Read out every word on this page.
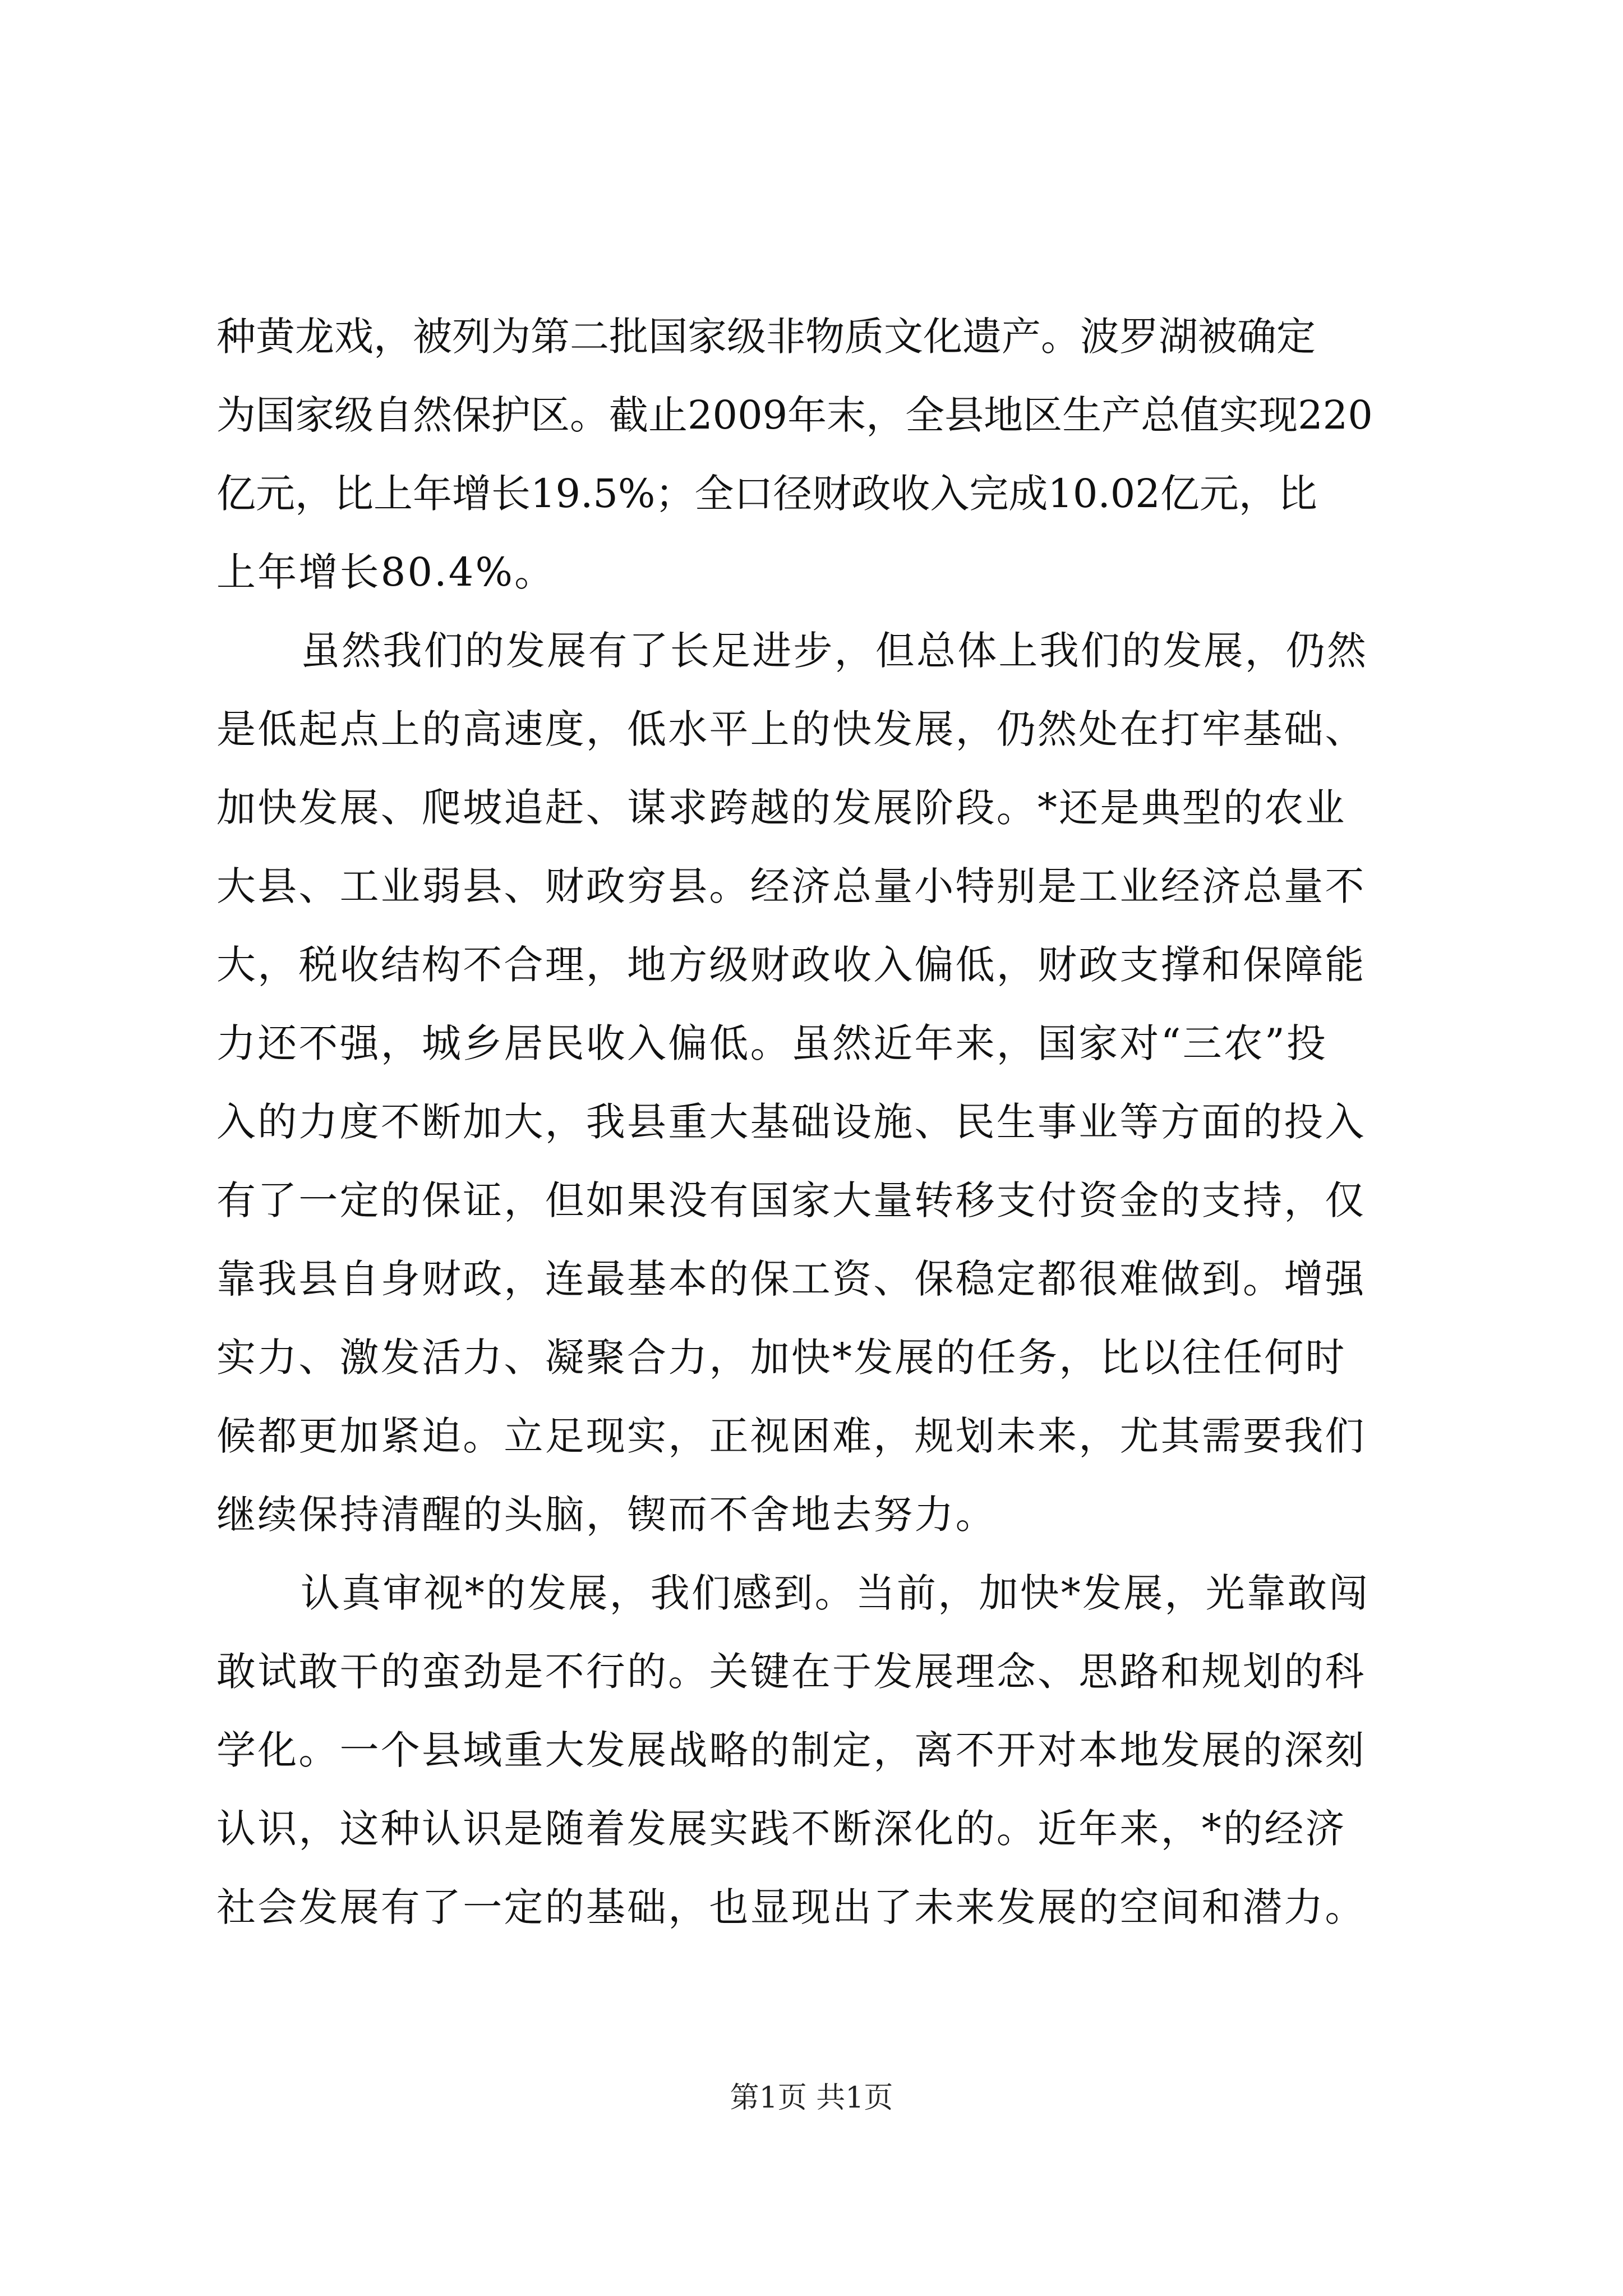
种黄龙戏，被列为第二批国家级非物质文化遗产。波罗湖被确定
为国家级自然保护区。截止2009年末，全县地区生产总值实现220
亿元，比上年增长19.5%；全口径财政收入完成10.02亿元，比
上年增长80.4%。
虽然我们的发展有了长足进步，但总体上我们的发展，仍然
是低起点上的高速度，低水平上的快发展，仍然处在打牢基础、
加快发展、爬坡追赶、谋求跨越的发展阶段。*还是典型的农业
大县、工业弱县、财政穷县。经济总量小特别是工业经济总量不
大，税收结构不合理，地方级财政收入偏低，财政支撑和保障能
力还不强，城乡居民收入偏低。虽然近年来，国家对“三农”投
入的力度不断加大，我县重大基础设施、民生事业等方面的投入
有了一定的保证，但如果没有国家大量转移支付资金的支持，仅
靠我县自身财政，连最基本的保工资、保稳定都很难做到。增强
实力、激发活力、凝聚合力，加快*发展的任务，比以往任何时
候都更加紧迫。立足现实，正视困难，规划未来，尤其需要我们
继续保持清醒的头脑，锲而不舍地去努力。
认真审视*的发展，我们感到。当前，加快*发展，光靠敢闯
敢试敢干的蛮劲是不行的。关键在于发展理念、思路和规划的科
学化。一个县域重大发展战略的制定，离不开对本地发展的深刻
认识，这种认识是随着发展实践不断深化的。近年来，*的经济
社会发展有了一定的基础，也显现出了未来发展的空间和潜力。
第1页 共1页
